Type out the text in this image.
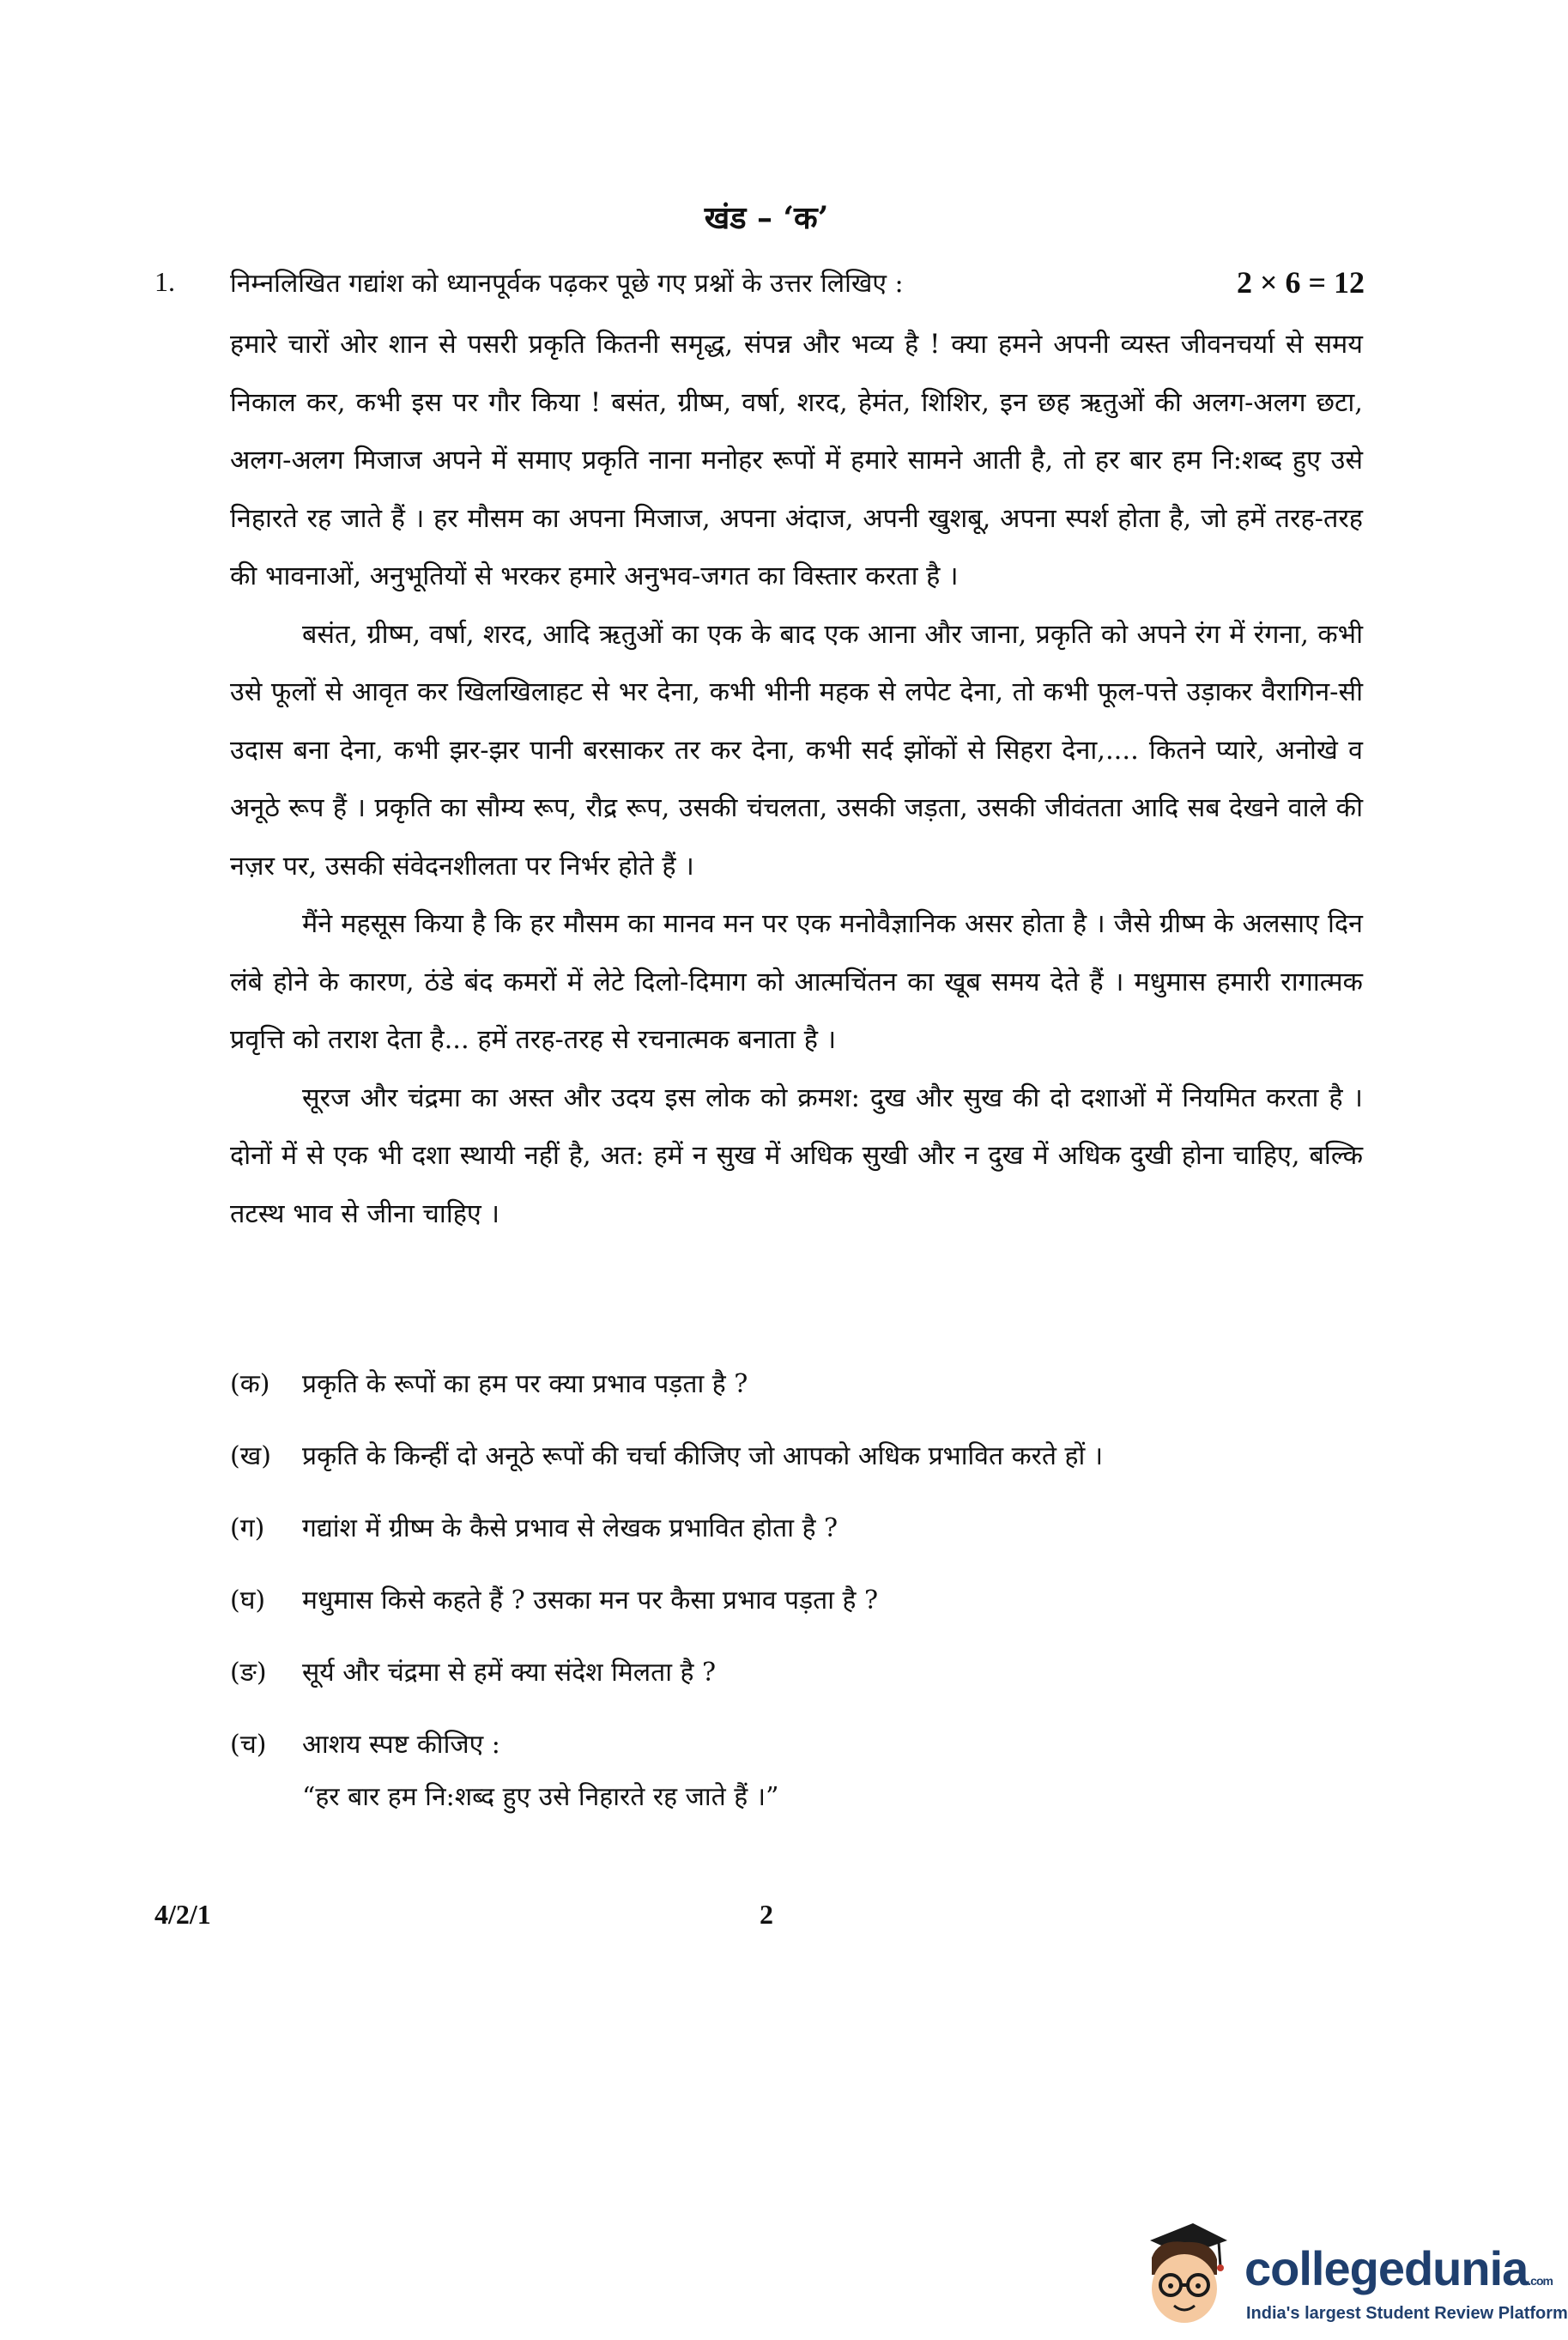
खंड – ‘क’
1. निम्नलिखित गद्यांश को ध्यानपूर्वक पढ़कर पूछे गए प्रश्नों के उत्तर लिखिए :	2 × 6 = 12

हमारे चारों ओर शान से पसरी प्रकृति कितनी समृद्ध, संपन्न और भव्य है ! क्या हमने अपनी व्यस्त जीवनचर्या से समय निकाल कर, कभी इस पर गौर किया ! बसंत, ग्रीष्म, वर्षा, शरद, हेमंत, शिशिर, इन छह ऋतुओं की अलग-अलग छटा, अलग-अलग मिजाज अपने में समाए प्रकृति नाना मनोहर रूपों में हमारे सामने आती है, तो हर बार हम नि:शब्द हुए उसे निहारते रह जाते हैं । हर मौसम का अपना मिजाज, अपना अंदाज, अपनी खुशबू, अपना स्पर्श होता है, जो हमें तरह-तरह की भावनाओं, अनुभूतियों से भरकर हमारे अनुभव-जगत का विस्तार करता है ।

बसंत, ग्रीष्म, वर्षा, शरद, आदि ऋतुओं का एक के बाद एक आना और जाना, प्रकृति को अपने रंग में रंगना, कभी उसे फूलों से आवृत कर खिलखिलाहट से भर देना, कभी भीनी महक से लपेट देना, तो कभी फूल-पत्ते उड़ाकर वैरागिन-सी उदास बना देना, कभी झर-झर पानी बरसाकर तर कर देना, कभी सर्द झोंकों से सिहरा देना,.... कितने प्यारे, अनोखे व अनूठे रूप हैं । प्रकृति का सौम्य रूप, रौद्र रूप, उसकी चंचलता, उसकी जड़ता, उसकी जीवंतता आदि सब देखने वाले की नज़र पर, उसकी संवेदनशीलता पर निर्भर होते हैं ।

मैंने महसूस किया है कि हर मौसम का मानव मन पर एक मनोवैज्ञानिक असर होता है । जैसे ग्रीष्म के अलसाए दिन लंबे होने के कारण, ठंडे बंद कमरों में लेटे दिलो-दिमाग को आत्मचिंतन का खूब समय देते हैं । मधुमास हमारी रागात्मक प्रवृत्ति को तराश देता है... हमें तरह-तरह से रचनात्मक बनाता है ।

सूरज और चंद्रमा का अस्त और उदय इस लोक को क्रमश: दुख और सुख की दो दशाओं में नियमित करता है । दोनों में से एक भी दशा स्थायी नहीं है, अत: हमें न सुख में अधिक सुखी और न दुख में अधिक दुखी होना चाहिए, बल्कि तटस्थ भाव से जीना चाहिए ।

(क)	प्रकृति के रूपों का हम पर क्या प्रभाव पड़ता है ?
(ख)	प्रकृति के किन्हीं दो अनूठे रूपों की चर्चा कीजिए जो आपको अधिक प्रभावित करते हों ।
(ग)	गद्यांश में ग्रीष्म के कैसे प्रभाव से लेखक प्रभावित होता है ?
(घ)	मधुमास किसे कहते हैं ? उसका मन पर कैसा प्रभाव पड़ता है ?
(ङ)	सूर्य और चंद्रमा से हमें क्या संदेश मिलता है ?
(च)	आशय स्पष्ट कीजिए :
“हर बार हम नि:शब्द हुए उसे निहारते रह जाते हैं ।”
4/2/1	2
collegedunia.com
India's largest Student Review Platform
